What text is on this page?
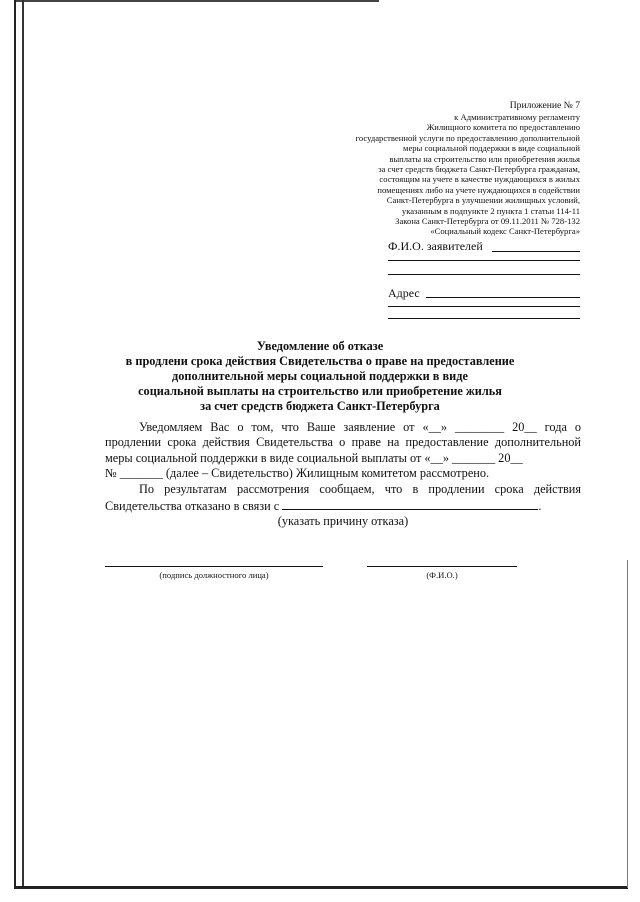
Приложение № 7
к Административному регламенту
Жилищного комитета по предоставлению
государственной услуги по предоставлению дополнительной
меры социальной поддержки в виде социальной
выплаты на строительство или приобретения жилья
за счет средств бюджета Санкт-Петербурга гражданам,
состоящим на учете в качестве нуждающихся в жилых
помещениях либо на учете нуждающихся в содействии
Санкт-Петербурга в улучшении жилищных условий,
указанным в подпункте 2 пункта 1 статьи 114-11
Закона Санкт-Петербурга от 09.11.2011 № 728-132
«Социальный кодекс Санкт-Петербурга»
Ф.И.О. заявителей
Адрес
Уведомление об отказе
в продлени срока действия Свидетельства о праве на предоставление
дополнительной меры социальной поддержки в виде
социальной выплаты на строительство или приобретение жилья
за счет средств бюджета Санкт-Петербурга

Уведомляем Вас о том, что Ваше заявление от «__» ________ 20__ года о продлении срока действия Свидетельства о праве на предоставление дополнительной меры социальной поддержки в виде социальной выплаты от «__» _______ 20__

№ _______ (далее – Свидетельство) Жилищным комитетом рассмотрено.

По результатам рассмотрения сообщаем, что в продлении срока действия Свидетельства отказано в связи с	.

(указать причину отказа)

(подпись должностного лица)	(Ф.И.О.)
